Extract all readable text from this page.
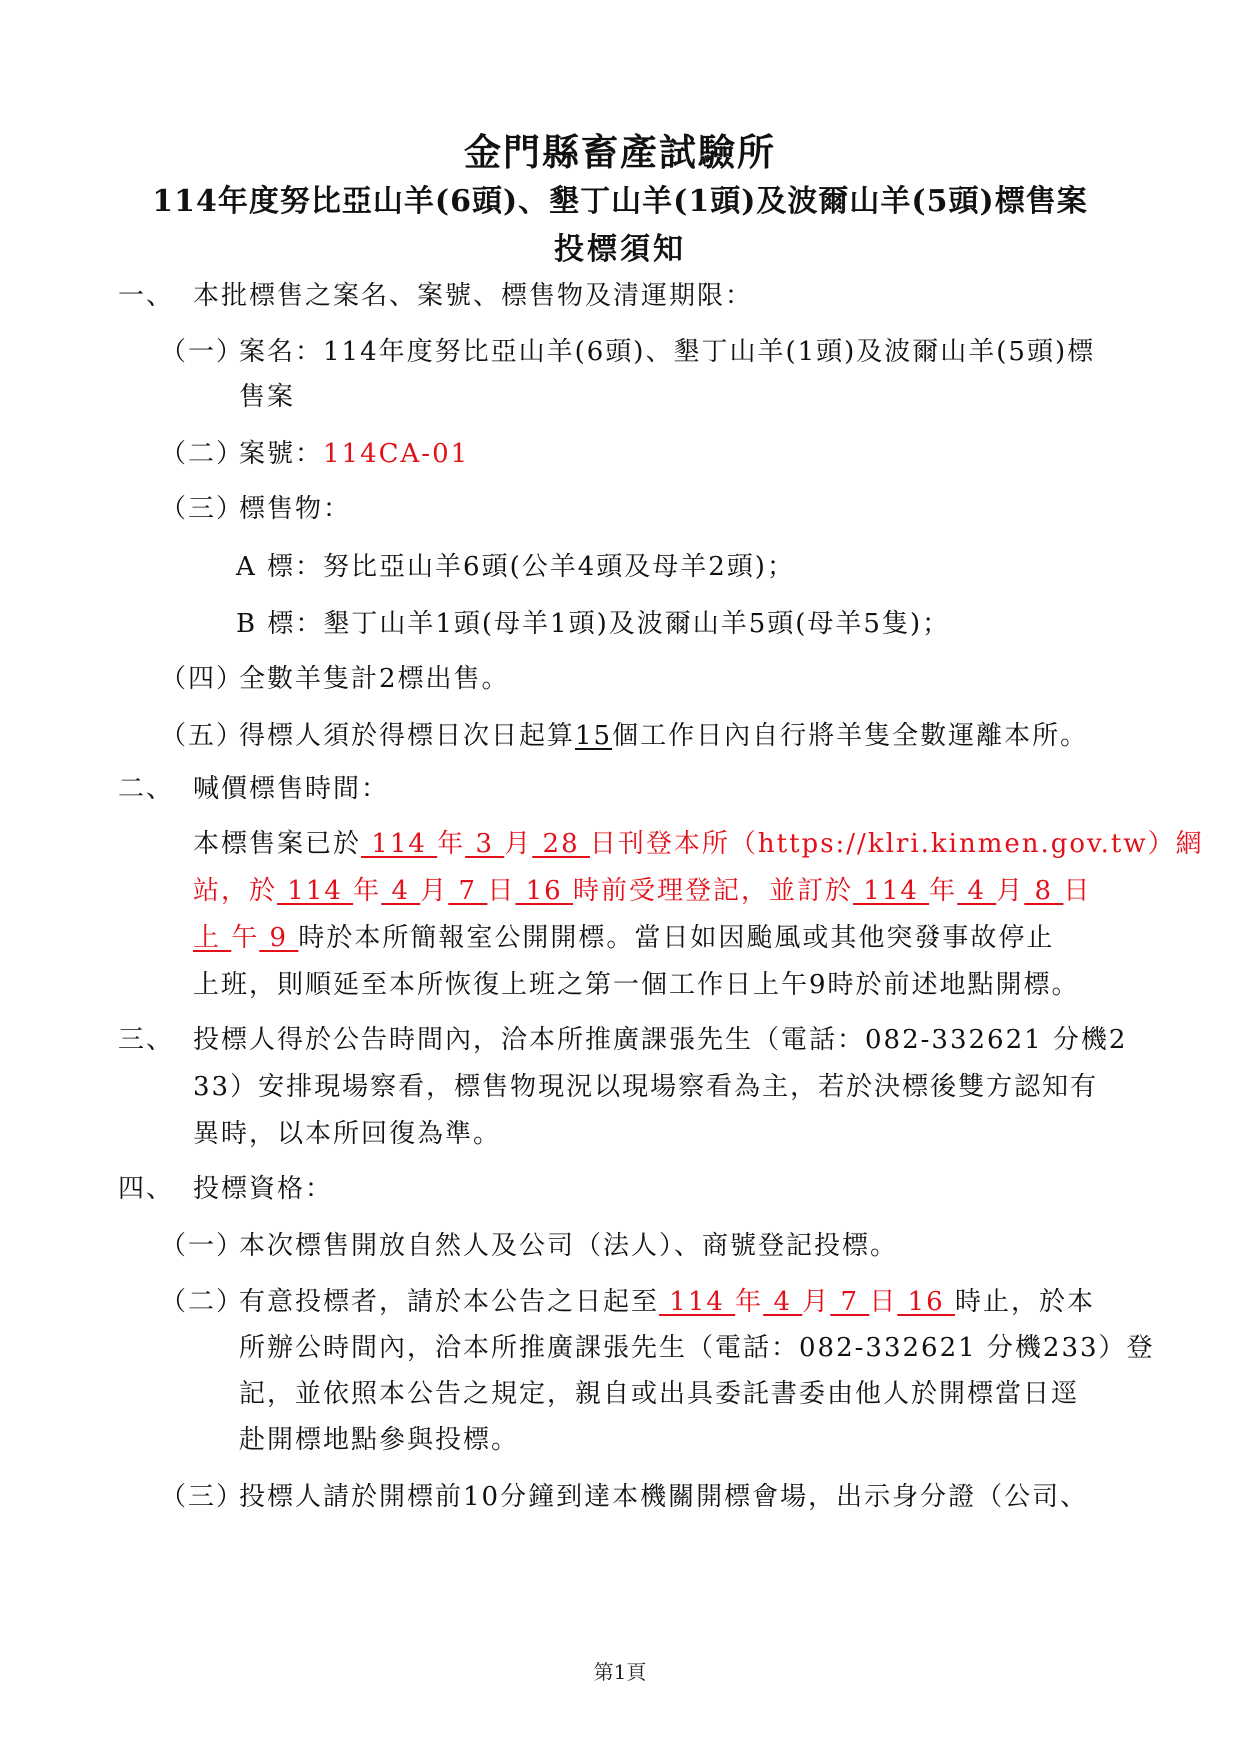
金門縣畜產試驗所
114年度努比亞山羊(6頭)、墾丁山羊(1頭)及波爾山羊(5頭)標售案
投標須知
一、 本批標售之案名、案號、標售物及清運期限：
（一）
案名：114年度努比亞山羊(6頭)、墾丁山羊(1頭)及波爾山羊(5頭)標
售案
（二）
案號：114CA-01
（三）
標售物：
A 標：努比亞山羊6頭(公羊4頭及母羊2頭)；
B 標：墾丁山羊1頭(母羊1頭)及波爾山羊5頭(母羊5隻)；
（四）
全數羊隻計2標出售。
（五）
得標人須於得標日次日起算15個工作日內自行將羊隻全數運離本所。
二、 喊價標售時間：
本標售案已於 114 年 3 月 28 日刊登本所（https://klri.kinmen.gov.tw）網
站，於 114 年 4 月 7 日 16 時前受理登記，並訂於 114 年 4 月 8 日
上 午 9 時於本所簡報室公開開標。當日如因颱風或其他突發事故停止
上班，則順延至本所恢復上班之第一個工作日上午9時於前述地點開標。
三、 投標人得於公告時間內，洽本所推廣課張先生（電話：082-332621 分機2
33）安排現場察看，標售物現況以現場察看為主，若於決標後雙方認知有
異時，以本所回復為準。
四、 投標資格：
（一）
本次標售開放自然人及公司（法人）、商號登記投標。
（二）
有意投標者，請於本公告之日起至 114 年 4 月 7 日 16 時止，於本
所辦公時間內，洽本所推廣課張先生（電話：082-332621 分機233）登
記，並依照本公告之規定，親自或出具委託書委由他人於開標當日逕
赴開標地點參與投標。
（三）
投標人請於開標前10分鐘到達本機關開標會場，出示身分證（公司、
第1頁
